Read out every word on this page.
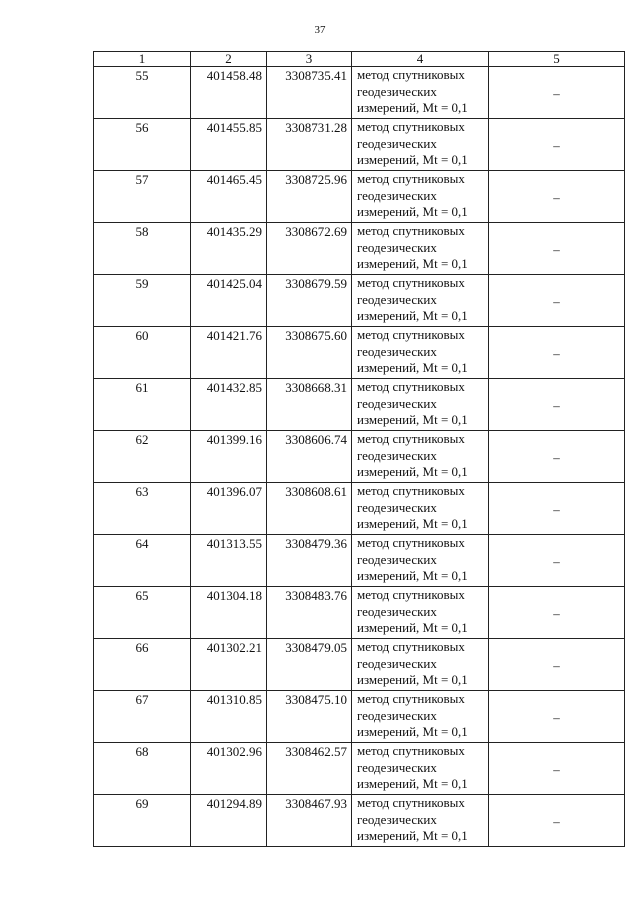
37
1	2	3	4	5

55	401458.48	3308735.41	метод спутниковых геодезических измерений, Mt = 0,1	–

56	401455.85	3308731.28	метод спутниковых геодезических измерений, Mt = 0,1	–

57	401465.45	3308725.96	метод спутниковых геодезических измерений, Mt = 0,1	–

58	401435.29	3308672.69	метод спутниковых геодезических измерений, Mt = 0,1	–

59	401425.04	3308679.59	метод спутниковых геодезических измерений, Mt = 0,1	–

60	401421.76	3308675.60	метод спутниковых геодезических измерений, Mt = 0,1	–

61	401432.85	3308668.31	метод спутниковых геодезических измерений, Mt = 0,1	–

62	401399.16	3308606.74	метод спутниковых геодезических измерений, Mt = 0,1	–

63	401396.07	3308608.61	метод спутниковых геодезических измерений, Mt = 0,1	–

64	401313.55	3308479.36	метод спутниковых геодезических измерений, Mt = 0,1	–

65	401304.18	3308483.76	метод спутниковых геодезических измерений, Mt = 0,1	–

66	401302.21	3308479.05	метод спутниковых геодезических измерений, Mt = 0,1	–

67	401310.85	3308475.10	метод спутниковых геодезических измерений, Mt = 0,1	–

68	401302.96	3308462.57	метод спутниковых геодезических измерений, Mt = 0,1	–

69	401294.89	3308467.93	метод спутниковых геодезических измерений, Mt = 0,1	–
